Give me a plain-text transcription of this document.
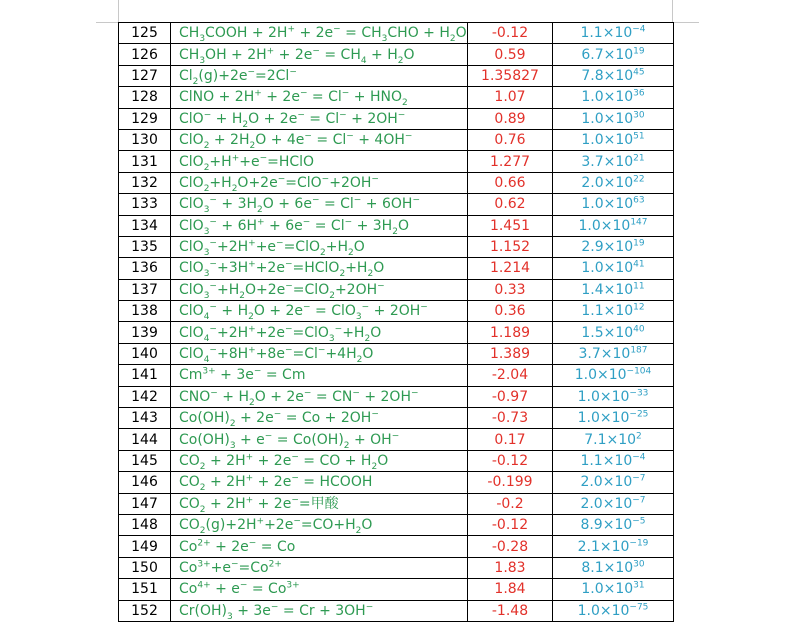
125	$CH_3COOH + 2H^+ + 2e^- = CH_3CHO + H_2O$	-0.12	$1.1\times 10^{-4}$
126	$CH_3OH + 2H^+ + 2e^- = CH_4 + H_2O$	0.59	$6.7\times 10^{19}$
127	$Cl_2(g)+2e^-=2Cl^-$	1.35827	$7.8\times 10^{45}$
128	ClNO + $2H^+ + 2e^- = Cl^- + HNO_2$	1.07	$1.0\times 10^{36}$
129	$ClO^- + H_2O + 2e^- = Cl^- + 2OH^-$	0.89	$1.0\times 10^{30}$
130	$ClO_2 + 2H_2O + 4e^- = Cl^- + 4OH^-$	0.76	$1.0\times 10^{51}$
131	ClO$_2$+H++e−=HClO	1.277	$3.7\times 10^{21}$
132	$ClO_2+H_2O+2e^-=ClO^-+2OH^-$	0.66	$2.0\times 10^{22}$
133	$ClO_3^- + 3H_2O + 6e^- = Cl^- + 6OH^-$	0.62	$1.0\times 10^{63}$
134	$ClO_3^- + 6H^+ + 6e^- = Cl^- + 3H_2O$	1.451	$1.0\times 10^{147}$
135	$ClO_3^-+2H^++e^-=ClO_2+H_2O$	1.152	$2.9\times 10^{19}$
136	$ClO_3^-+3H^++2e^-=HClO_2+H_2O$	1.214	$1.0\times 10^{41}$
137	$ClO_3^-+H_2O+2e^-=ClO_2+2OH^-$	0.33	$1.4\times 10^{11}$
138	$ClO_4^- + H_2O + 2e^- = ClO_3^- + 2OH^-$	0.36	$1.1\times 10^{12}$
139	$ClO_4^-+2H^++2e^-=ClO_3^-+H_2O$	1.189	$1.5\times 10^{40}$
140	$ClO_4^-+8H^++8e^-=Cl^-+4H_2O$	1.389	$3.7\times 10^{187}$
141	$Cm^{3+} + 3e^- = Cm$	-2.04	$1.0\times 10^{-104}$
142	$CNO^- + H_2O + 2e^- = CN^- + 2OH^-$	-0.97	$1.0\times 10^{-33}$
143	$Co(OH)_2 + 2e^- = Co + 2OH^-$	-0.73	$1.0\times 10^{-25}$
144	$Co(OH)_3 + e^- = Co(OH)_2 + OH^-$	0.17	$7.1\times 10^2$
145	$CO_2 + 2H^+ + 2e^-$ = CO + $H_2O$	-0.12	$1.1\times 10^{-4}$
146	$CO_2 + 2H^+ + 2e^-$ = HCOOH	-0.199	$2.0\times 10^{-7}$
147	$CO_2 + 2H^+ + 2e^-=$甲酸	-0.2	$2.0\times 10^{-7}$
148	$CO_2(g)+2H^++2e^-=CO+H_2O$	-0.12	$8.9\times 10^{-5}$
149	$Co^{2+} + 2e^- = Co$	-0.28	$2.1\times 10^{-19}$
150	$Co^{3+}+e^-=Co^{2+}$	1.83	$8.1\times 10^{30}$
151	$Co^{4+} + e^- = Co^{3+}$	1.84	$1.0\times 10^{31}$
152	$Cr(OH)_3 + 3e^- = Cr + 3OH^-$	-1.48	$1.0\times 10^{-75}$
